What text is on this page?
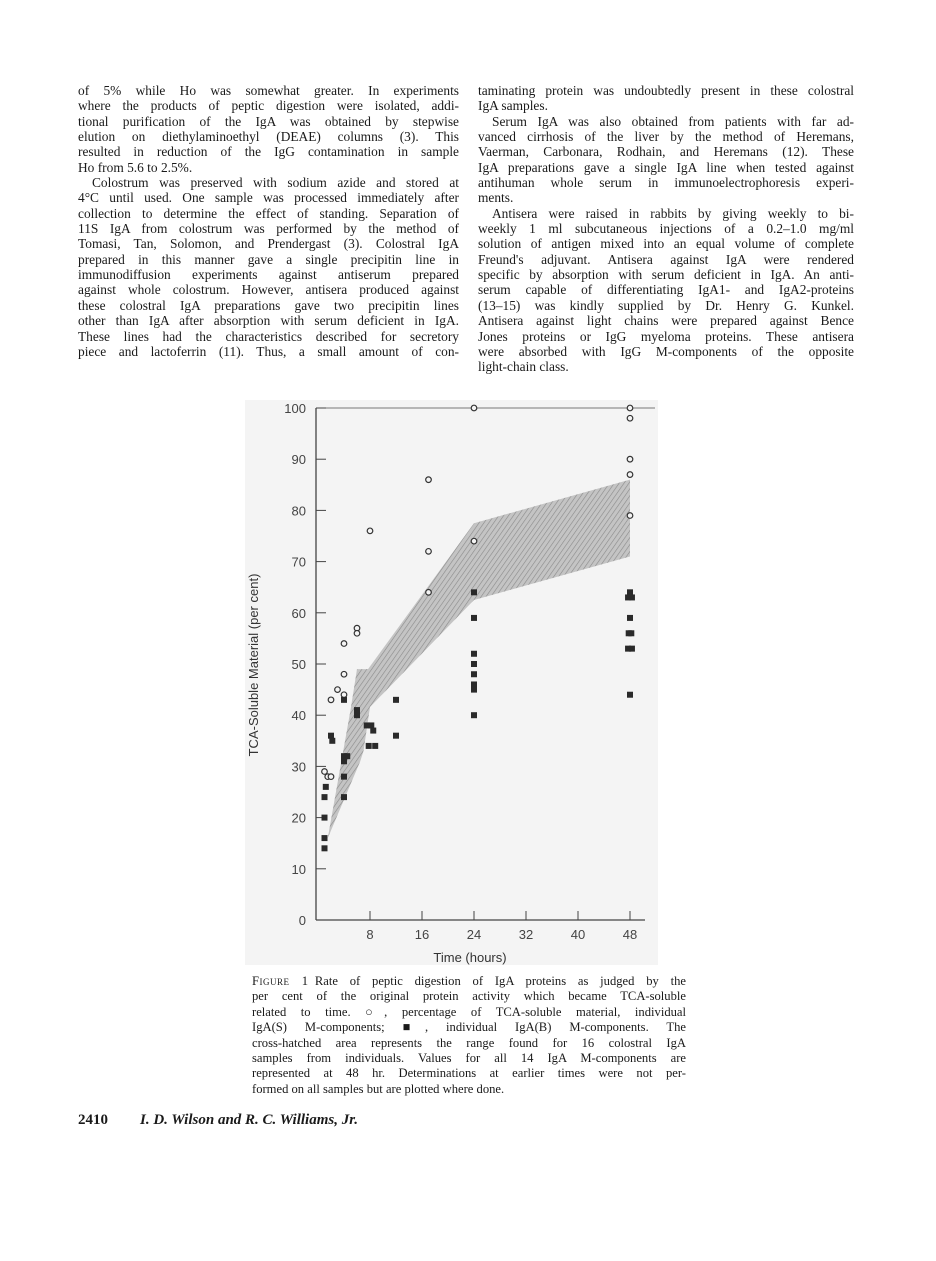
of 5% while Ho was somewhat greater. In experiments
where the products of peptic digestion were isolated, addi-
tional purification of the IgA was obtained by stepwise
elution on diethylaminoethyl (DEAE) columns (3). This
resulted in reduction of the IgG contamination in sample
Ho from 5.6 to 2.5%.
Colostrum was preserved with sodium azide and stored at
4°C until used. One sample was processed immediately after
collection to determine the effect of standing. Separation of
11S IgA from colostrum was performed by the method of
Tomasi, Tan, Solomon, and Prendergast (3). Colostral IgA
prepared in this manner gave a single precipitin line in
immunodiffusion experiments against antiserum prepared
against whole colostrum. However, antisera produced against
these colostral IgA preparations gave two precipitin lines
other than IgA after absorption with serum deficient in IgA.
These lines had the characteristics described for secretory
piece and lactoferrin (11). Thus, a small amount of con-
taminating protein was undoubtedly present in these colostral
IgA samples.
Serum IgA was also obtained from patients with far ad-
vanced cirrhosis of the liver by the method of Heremans,
Vaerman, Carbonara, Rodhain, and Heremans (12). These
IgA preparations gave a single IgA line when tested against
antihuman whole serum in immunoelectrophoresis experi-
ments.
Antisera were raised in rabbits by giving weekly to bi-
weekly 1 ml subcutaneous injections of a 0.2–1.0 mg/ml
solution of antigen mixed into an equal volume of complete
Freund's adjuvant. Antisera against IgA were rendered
specific by absorption with serum deficient in IgA. An anti-
serum capable of differentiating IgA1- and IgA2-proteins
(13–15) was kindly supplied by Dr. Henry G. Kunkel.
Antisera against light chains were prepared against Bence
Jones proteins or IgG myeloma proteins. These antisera
were absorbed with IgG M-components of the opposite
light-chain class.
0
10
20
30
40
50
60
70
80
90
100
8	16	24	32	40	48
TCA-Soluble Material (per cent)
Time (hours)
Figure 1  Rate of peptic digestion of IgA proteins as judged by the
per cent of the original protein activity which became TCA-soluble
related to time. ○, percentage of TCA-soluble material, individual
IgA(S) M-components; ■, individual IgA(B) M-components. The
cross-hatched area represents the range found for 16 colostral IgA
samples from individuals. Values for all 14 IgA M-components are
represented at 48 hr. Determinations at earlier times were not per-
formed on all samples but are plotted where done.
2410 I. D. Wilson and R. C. Williams, Jr.
